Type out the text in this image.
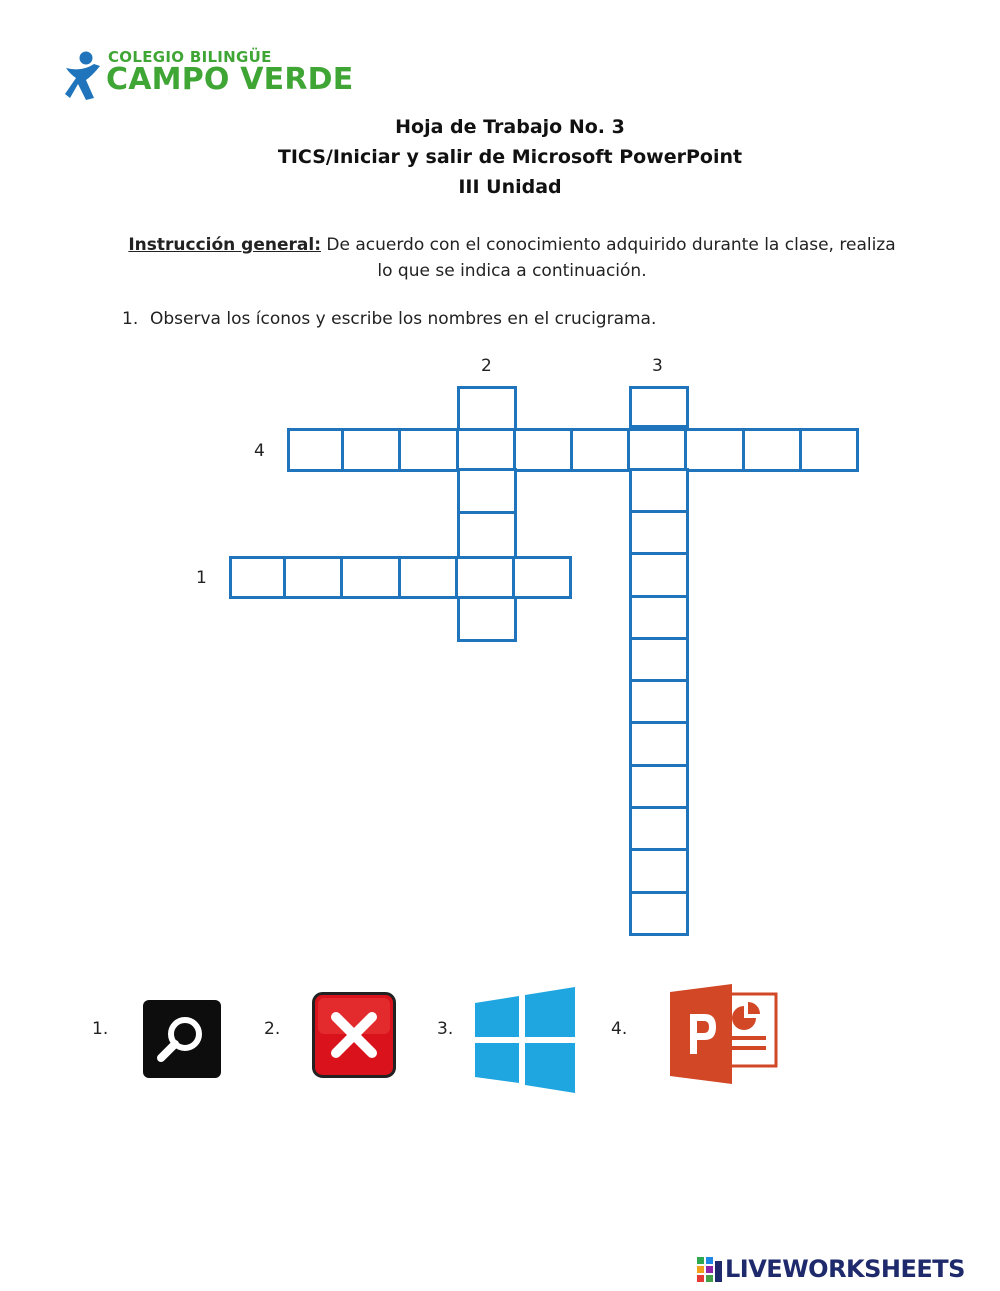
COLEGIO BILINGÜE
CAMPO VERDE
Hoja de Trabajo No. 3
TICS/Iniciar y salir de Microsoft PowerPoint
III Unidad
Instrucción general: De acuerdo con el conocimiento adquirido durante la clase, realiza lo que se indica a continuación.
1. Observa los íconos y escribe los nombres en el crucigrama.
2	3
4
1
1.	2.	3.	4.
LIVEWORKSHEETS
